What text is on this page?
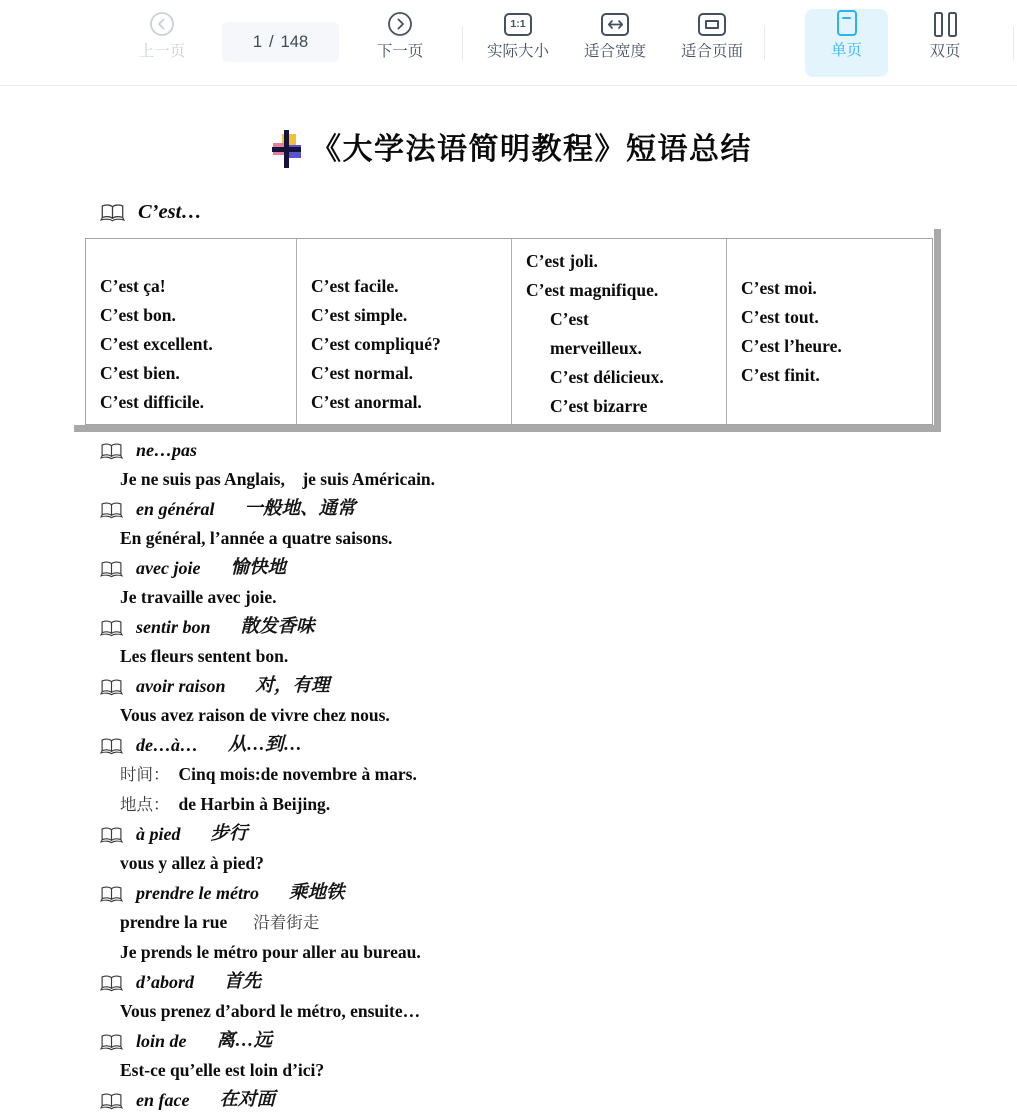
上一页
1 / 148
下一页
1:1
实际大小 适合宽度 适合页面	单页	双页
《大学法语简明教程》短语总结
C’est…
C’est ça!
C’est bon.
C’est excellent.
C’est bien.
C’est difficile.
C’est facile.
C’est simple.
C’est compliqué?
C’est normal.
C’est anormal.
C’est joli.
C’est magnifique.
C’est
merveilleux.
C’est délicieux.
C’est bizarre
C’est moi.
C’est tout.
C’est l’heure.
C’est finit.
ne…pas
Je ne suis pas Anglais,　je suis Américain.
en général 一般地、通常
En général, l’année a quatre saisons.
avec joie 愉快地
Je travaille avec joie.
sentir bon 散发香味
Les fleurs sentent bon.
avoir raison 对，有理
Vous avez raison de vivre chez nous.
de…à… 从…到…
时间： Cinq mois:de novembre à mars.
地点： de Harbin à Beijing.
à pied 步行
vous y allez à pied?
prendre le métro 乘地铁
prendre la rue 沿着街走
Je prends le métro pour aller au bureau.
d’abord 首先
Vous prenez d’abord le métro, ensuite…
loin de 离…远
Est-ce qu’elle est loin d’ici?
en face 在对面
